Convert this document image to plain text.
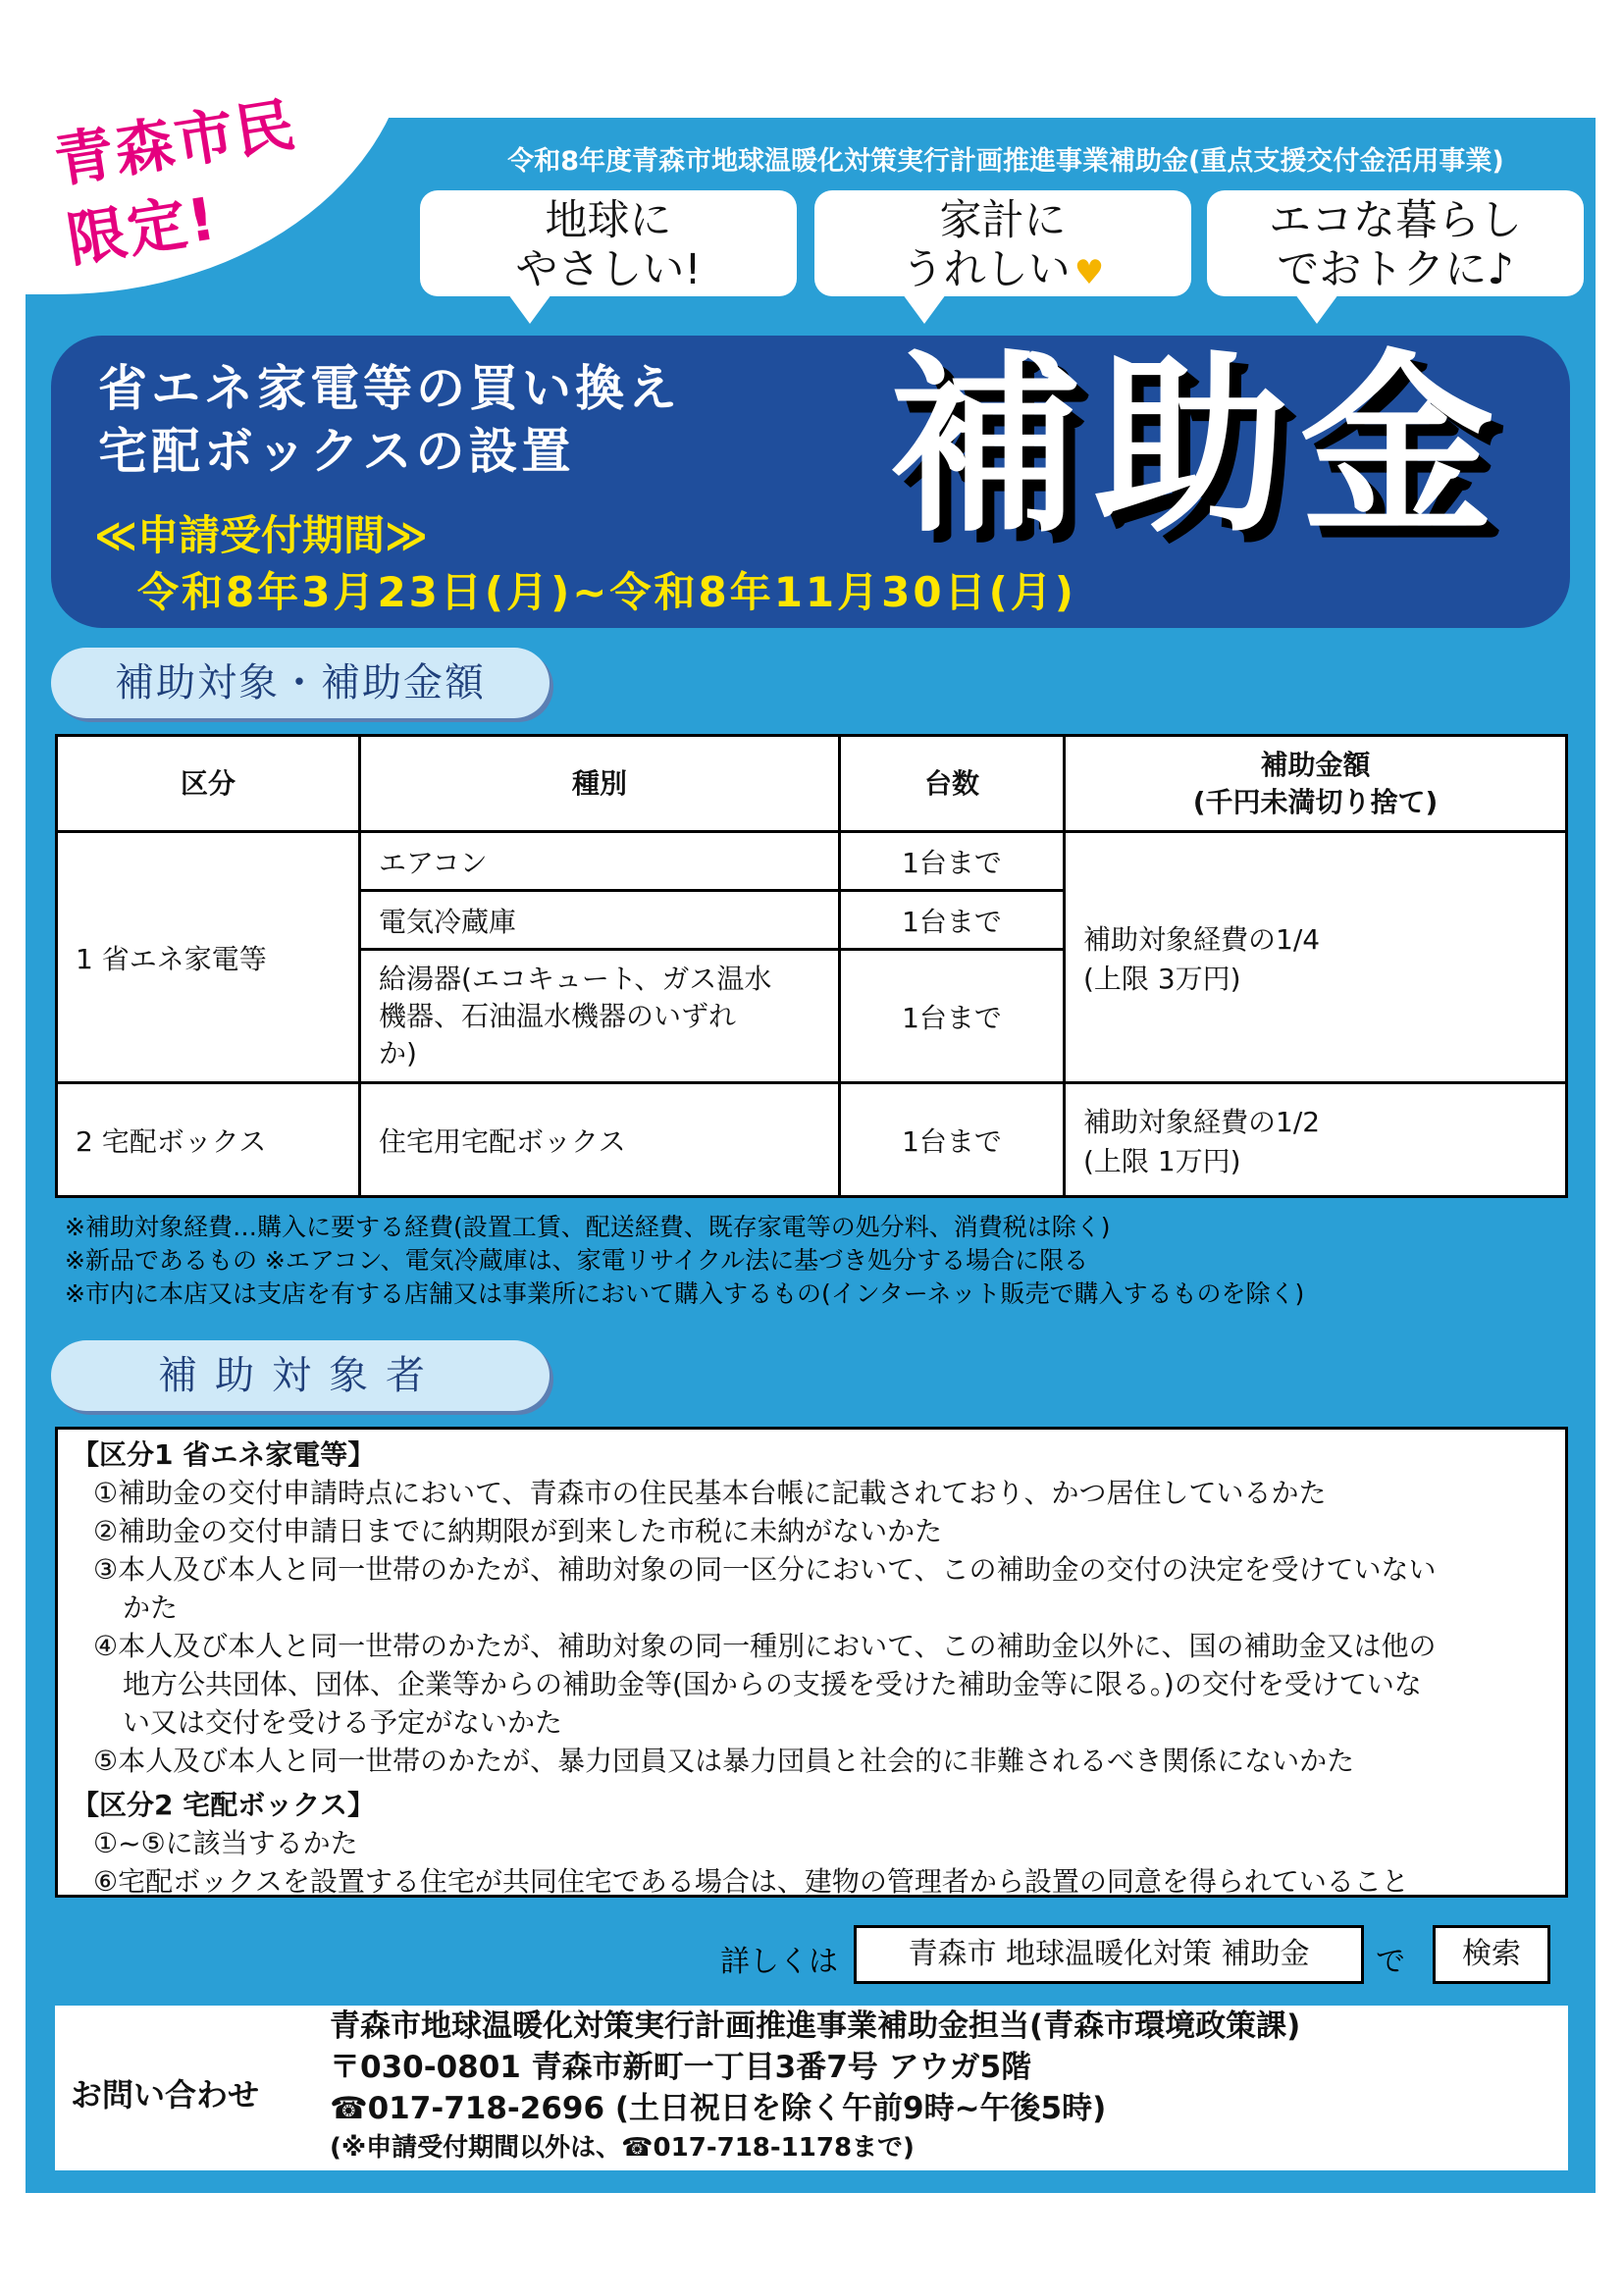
青森市民
限定!
令和8年度青森市地球温暖化対策実行計画推進事業補助金(重点支援交付金活用事業)
地球に
やさしい!
家計に
うれしい ♥
エコな暮らし
でおトクに♪
省エネ家電等の買い換え
宅配ボックスの設置 補助金
≪申請受付期間≫
令和8年3月23日(月)~令和8年11月30日(月)
補助対象・補助金額
区分	種別	台数	補助金額
(千円未満切り捨て)

1 省エネ家電等	エアコン	1台まで	補助対象経費の1/4
(上限 3万円)

	電気冷蔵庫	1台まで	

	給湯器(エコキュート、ガス温水
機器、石油温水機器のいずれ
か)	1台まで	
2 宅配ボックス	住宅用宅配ボックス	1台まで	補助対象経費の1/2
(上限 1万円)
※補助対象経費…購入に要する経費(設置工賃、配送経費、既存家電等の処分料、消費税は除く)
※新品であるもの ※エアコン、電気冷蔵庫は、家電リサイクル法に基づき処分する場合に限る
※市内に本店又は支店を有する店舗又は事業所において購入するもの(インターネット販売で購入するものを除く)
補助対象者
【区分1 省エネ家電等】
①補助金の交付申請時点において、青森市の住民基本台帳に記載されており、かつ居住しているかた
②補助金の交付申請日までに納期限が到来した市税に未納がないかた
③本人及び本人と同一世帯のかたが、補助対象の同一区分において、この補助金の交付の決定を受けていない
かた
④本人及び本人と同一世帯のかたが、補助対象の同一種別において、この補助金以外に、国の補助金又は他の
地方公共団体、団体、企業等からの補助金等(国からの支援を受けた補助金等に限る。)の交付を受けていな
い又は交付を受ける予定がないかた
⑤本人及び本人と同一世帯のかたが、暴力団員又は暴力団員と社会的に非難されるべき関係にないかた
【区分2 宅配ボックス】
①~⑤に該当するかた
⑥宅配ボックスを設置する住宅が共同住宅である場合は、建物の管理者から設置の同意を得られていること
詳しくは	青森市 地球温暖化対策 補助金	で	検索
お問い合わせ
青森市地球温暖化対策実行計画推進事業補助金担当(青森市環境政策課)
〒030-0801 青森市新町一丁目3番7号 アウガ5階
☎017-718-2696 (土日祝日を除く午前9時~午後5時)
(※申請受付期間以外は、☎017-718-1178まで)
